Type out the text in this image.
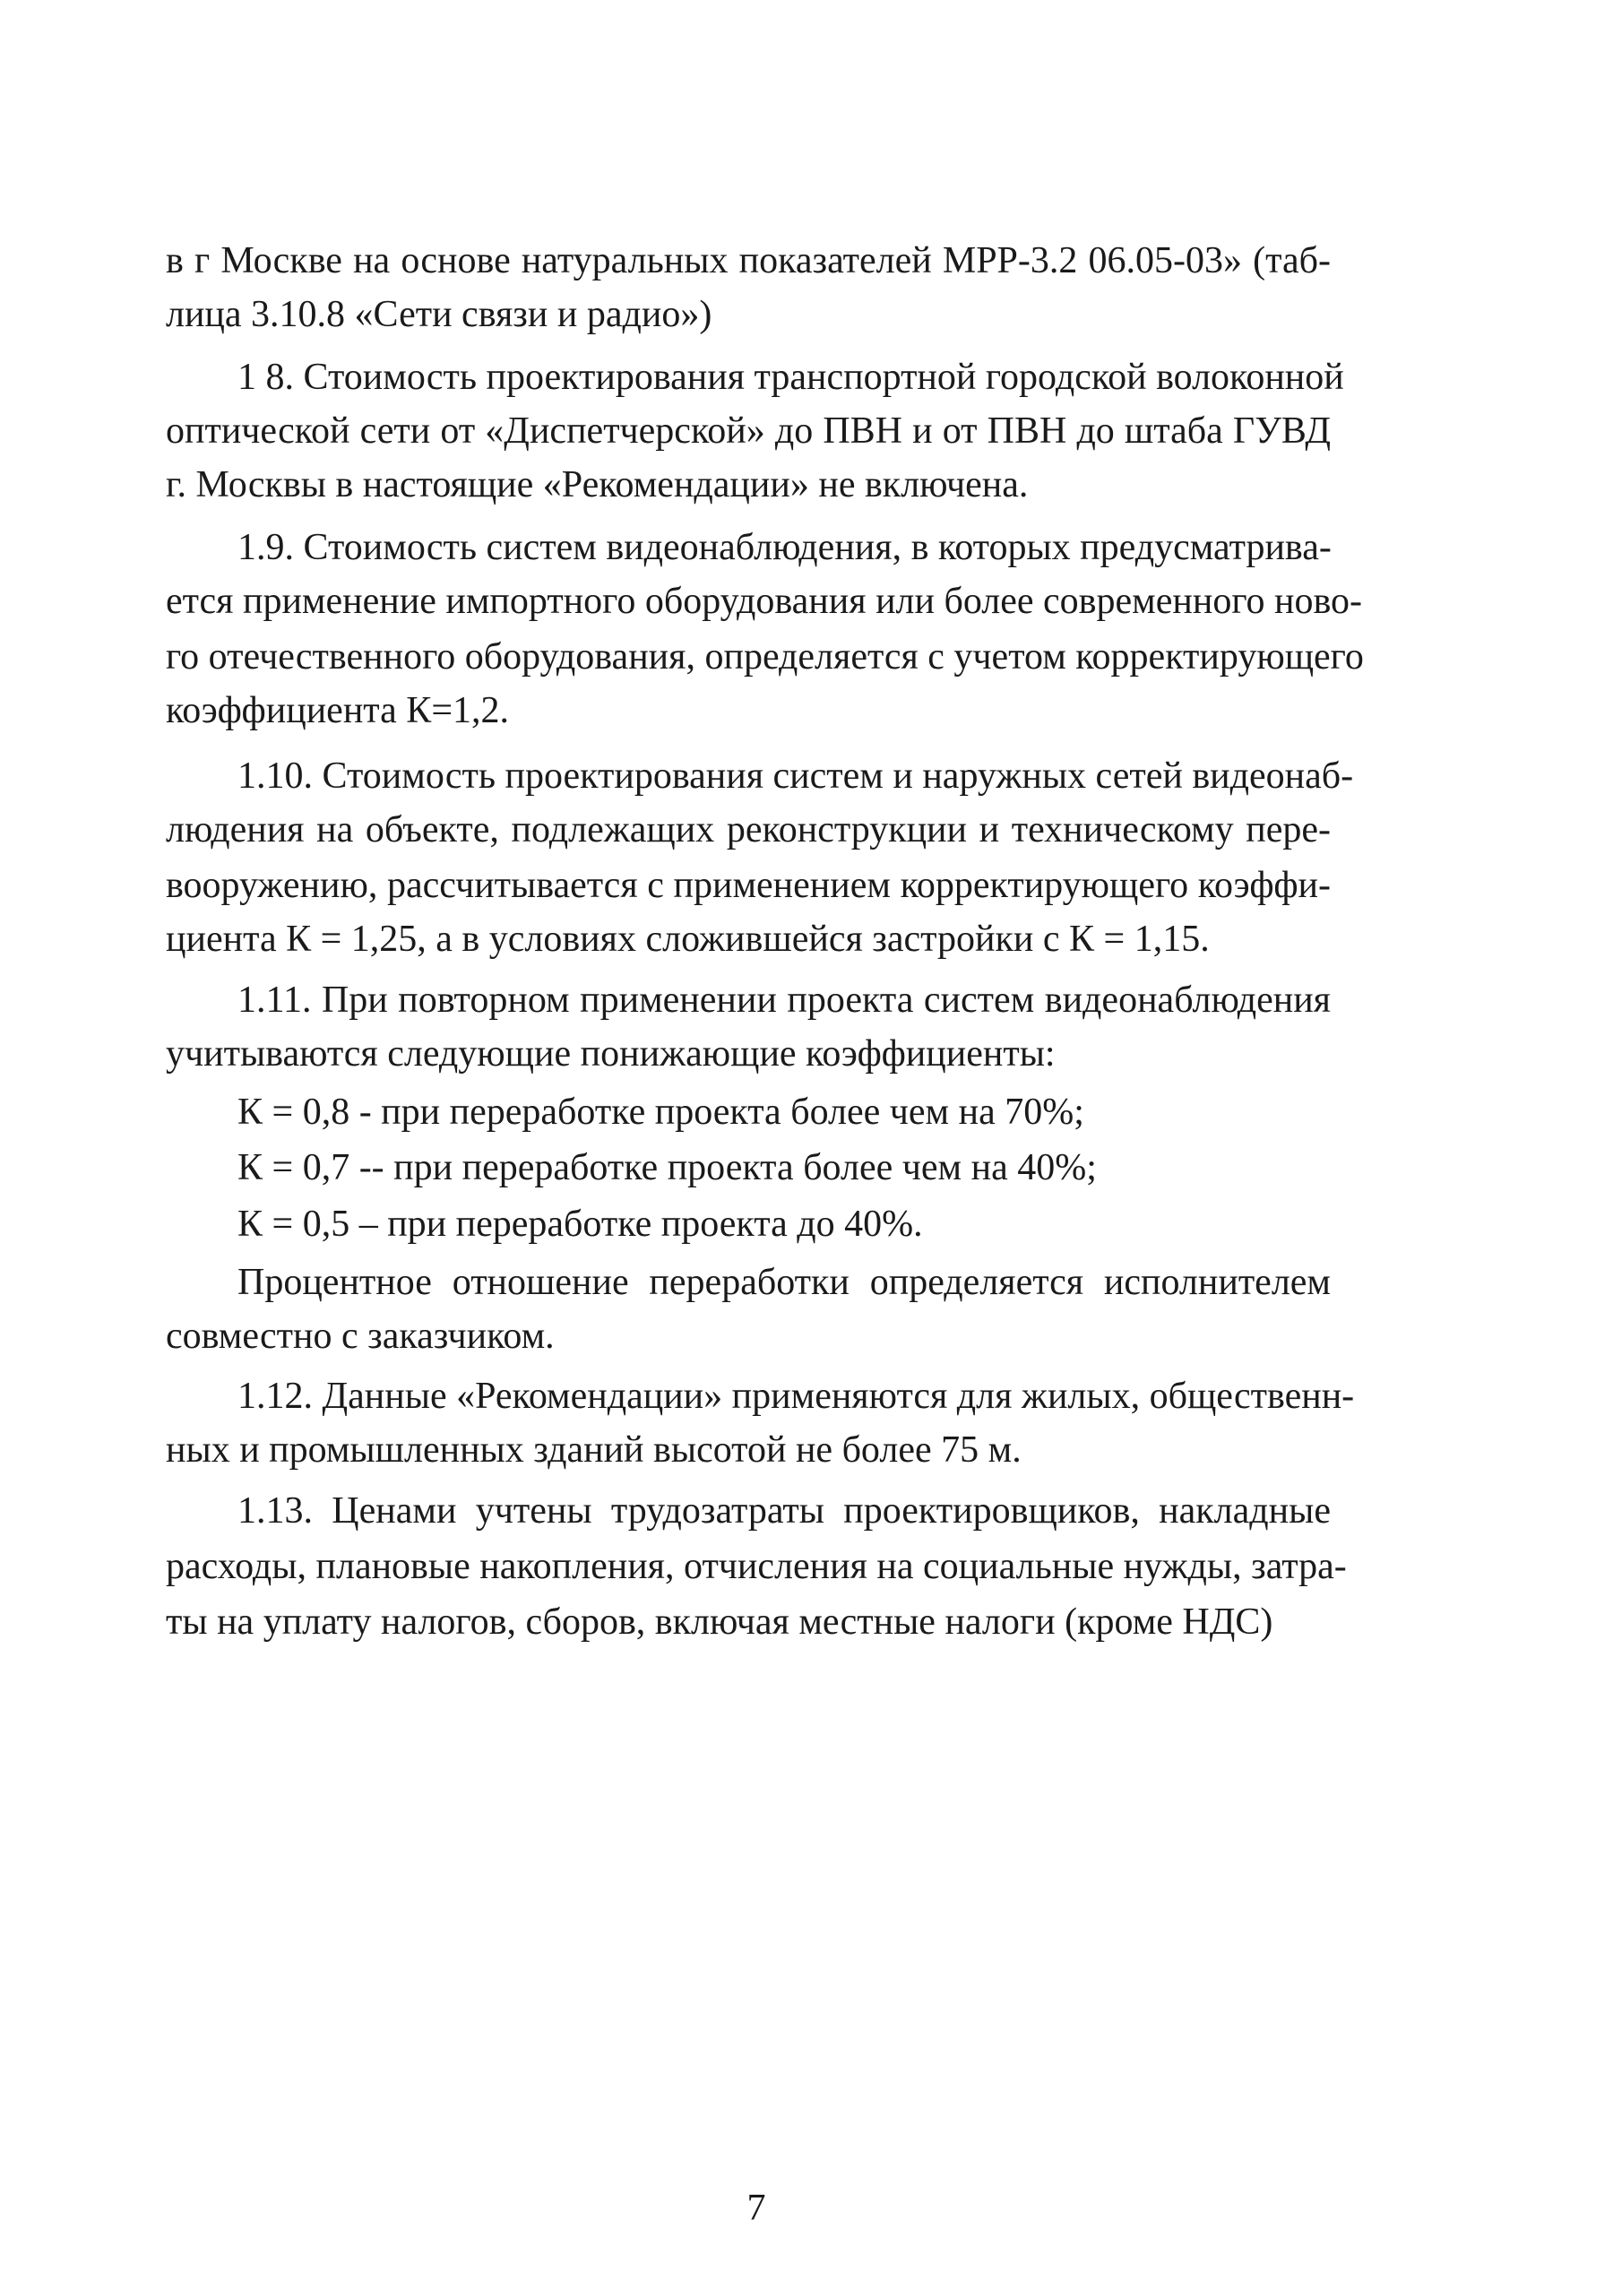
в г Москве на основе натуральных показателей МРР-3.2 06.05-03» (таб-
лица 3.10.8 «Сети связи и радио»)
1 8. Стоимость проектирования транспортной городской волоконной
оптической сети от «Диспетчерской» до ПВН и от ПВН до штаба ГУВД
г. Москвы в настоящие «Рекомендации» не включена.
1.9. Стоимость систем видеонаблюдения, в которых предусматрива-
ется применение импортного оборудования или более современного ново-
го отечественного оборудования, определяется с учетом корректирующего
коэффициента К=1,2.
1.10. Стоимость проектирования систем и наружных сетей видеонаб-
людения на объекте, подлежащих реконструкции и техническому пере-
вооружению, рассчитывается с применением корректирующего коэффи-
циента К = 1,25, а в условиях сложившейся застройки с К = 1,15.
1.11. При повторном применении проекта систем видеонаблюдения
учитываются следующие понижающие коэффициенты:
К = 0,8 - при переработке проекта более чем на 70%;
К = 0,7 -- при переработке проекта более чем на 40%;
К = 0,5 – при переработке проекта до 40%.
Процентное отношение переработки определяется исполнителем
совместно с заказчиком.
1.12. Данные «Рекомендации» применяются для жилых, общественн-
ных и промышленных зданий высотой не более 75 м.
1.13. Ценами учтены трудозатраты проектировщиков, накладные
расходы, плановые накопления, отчисления на социальные нужды, затра-
ты на уплату налогов, сборов, включая местные налоги (кроме НДС)
7
